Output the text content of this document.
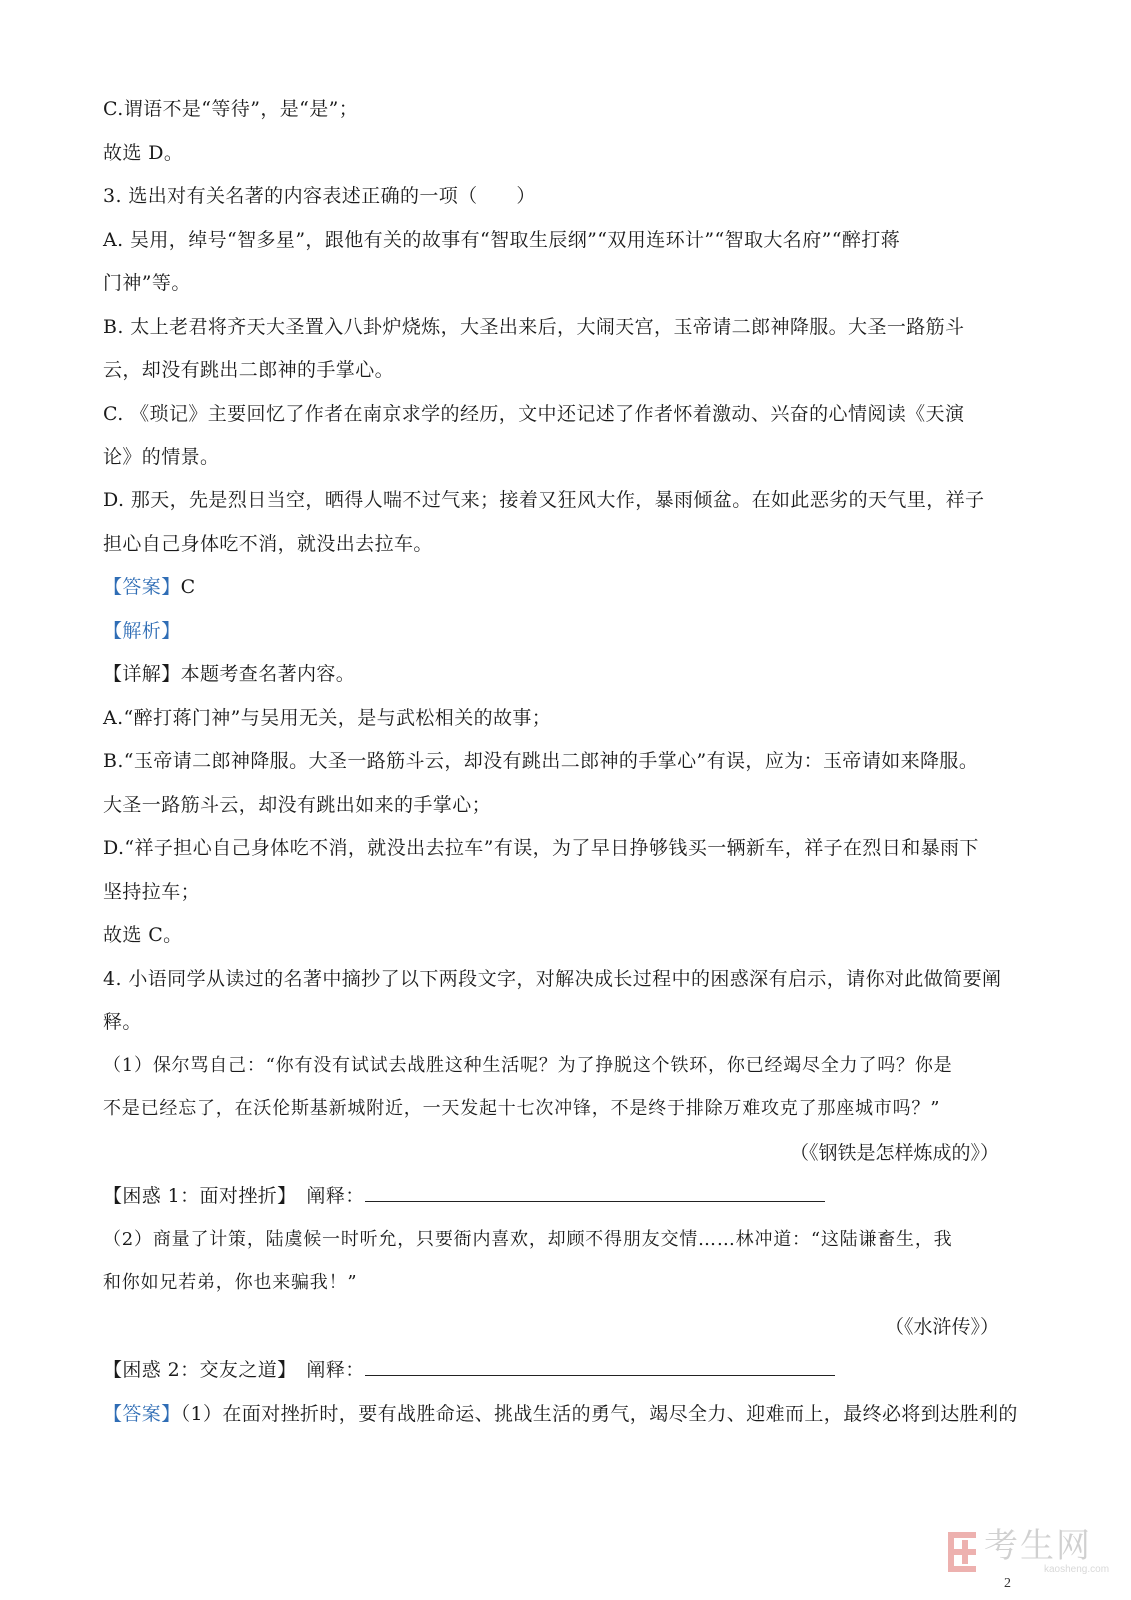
C.谓语不是“等待”，是“是”；
故选 D。
3. 选出对有关名著的内容表述正确的一项（　　）
A. 吴用，绰号“智多星”，跟他有关的故事有“智取生辰纲”“双用连环计”“智取大名府”“醉打蒋
门神”等。
B. 太上老君将齐天大圣置入八卦炉烧炼，大圣出来后，大闹天宫，玉帝请二郎神降服。大圣一路筋斗
云，却没有跳出二郎神的手掌心。
C. 《琐记》主要回忆了作者在南京求学的经历，文中还记述了作者怀着激动、兴奋的心情阅读《天演
论》的情景。
D. 那天，先是烈日当空，晒得人喘不过气来；接着又狂风大作，暴雨倾盆。在如此恶劣的天气里，祥子
担心自己身体吃不消，就没出去拉车。
【答案】C
【解析】
【详解】本题考查名著内容。
A.“醉打蒋门神”与吴用无关，是与武松相关的故事；
B.“玉帝请二郎神降服。大圣一路筋斗云，却没有跳出二郎神的手掌心”有误，应为：玉帝请如来降服。
大圣一路筋斗云，却没有跳出如来的手掌心；
D.“祥子担心自己身体吃不消，就没出去拉车”有误，为了早日挣够钱买一辆新车，祥子在烈日和暴雨下
坚持拉车；
故选 C。
4. 小语同学从读过的名著中摘抄了以下两段文字，对解决成长过程中的困惑深有启示，请你对此做简要阐
释。
（1）保尔骂自己：“你有没有试试去战胜这种生活呢？为了挣脱这个铁环，你已经竭尽全力了吗？你是
不是已经忘了，在沃伦斯基新城附近，一天发起十七次冲锋，不是终于排除万难攻克了那座城市吗？”
（《钢铁是怎样炼成的》）
【困惑 1：面对挫折】　阐释：
（2）商量了计策，陆虞候一时听允，只要衙内喜欢，却顾不得朋友交情……林冲道：“这陆谦畜生，我
和你如兄若弟，你也来骗我！”
（《水浒传》）
【困惑 2：交友之道】　阐释：
【答案】（1）在面对挫折时，要有战胜命运、挑战生活的勇气，竭尽全力、迎难而上，最终必将到达胜利的
考生网
kaosheng.com
2
